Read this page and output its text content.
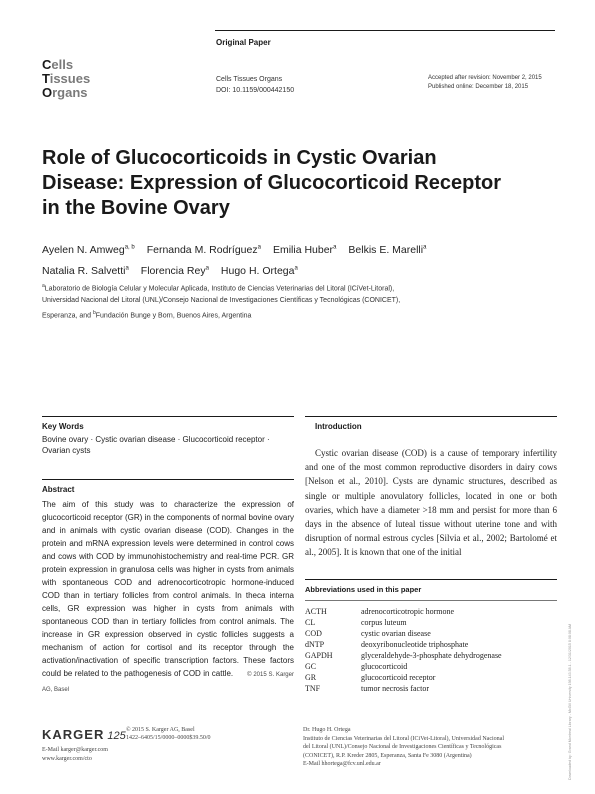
Original Paper
Cells
Tissues
Organs
Cells Tissues Organs
DOI: 10.1159/000442150
Accepted after revision: November 2, 2015
Published online: December 18, 2015
Role of Glucocorticoids in Cystic Ovarian Disease: Expression of Glucocorticoid Receptor in the Bovine Ovary
Ayelen N. Amweg$^{a, b}$ Fernanda M. Rodríguez$^a$ Emilia Huber$^a$ Belkis E. Marelli$^a$
Natalia R. Salvetti$^a$ Florencia Rey$^a$ Hugo H. Ortega$^a$
$^a$Laboratorio de Biología Celular y Molecular Aplicada, Instituto de Ciencias Veterinarias del Litoral (ICiVet-Litoral),
Universidad Nacional del Litoral (UNL)/Consejo Nacional de Investigaciones Científicas y Tecnológicas (CONICET),
Esperanza, and $^b$Fundación Bunge y Born, Buenos Aires, Argentina
Key Words
Bovine ovary · Cystic ovarian disease · Glucocorticoid receptor · Ovarian cysts
Abstract
The aim of this study was to characterize the expression of glucocorticoid receptor (GR) in the components of normal bovine ovary and in animals with cystic ovarian disease (COD). Changes in the protein and mRNA expression levels were determined in control cows and cows with COD by immunohistochemistry and real-time PCR. GR protein expression in granulosa cells was higher in cysts from animals with spontaneous COD and adrenocorticotropic hormone-induced COD than in tertiary follicles from control animals. In theca interna cells, GR expression was higher in cysts from animals with spontaneous COD than in tertiary follicles from control animals. The increase in GR expression observed in cystic follicles suggests a mechanism of action for cortisol and its receptor through the activation/inactivation of specific transcription factors. These factors could be related to the pathogenesis of COD in cattle. © 2015 S. Karger AG, Basel
Introduction
Cystic ovarian disease (COD) is a cause of temporary infertility and one of the most common reproductive disorders in dairy cows [Nelson et al., 2010]. Cysts are dynamic structures, described as single or multiple anovulatory follicles, located in one or both ovaries, which have a diameter >18 mm and persist for more than 6 days in the absence of luteal tissue without uterine tone and with disruption of normal estrous cycles [Silvia et al., 2002; Bartolomé et al., 2005]. It is known that one of the initial
Abbreviations used in this paper
ACTH	adrenocorticotropic hormone
CL	corpus luteum
COD	cystic ovarian disease
dNTP	deoxyribonucleotide triphosphate
GAPDH	glyceraldehyde-3-phosphate dehydrogenase
GC	glucocorticoid
GR	glucocorticoid receptor
TNF	tumor necrosis factor
KARGER 125 © 2015 S. Karger AG, Basel
1422–6405/15/0000–0000$39.50/0
E-Mail karger@karger.com
www.karger.com/cto
Dr. Hugo H. Ortega
Instituto de Ciencias Veterinarias del Litoral (ICiVet-Litoral), Universidad Nacional
del Litoral (UNL)/Consejo Nacional de Investigaciones Científicas y Tecnológicas
(CONICET), R.P. Kreder 2805, Esperanza, Santa Fe 3080 (Argentina)
E-Mail hhortega@fcv.unl.edu.ar	Downloaded by: Grand Montreal Library - McGill University 198.143.58.1 - 12/31/2015 8:08:08 AM
